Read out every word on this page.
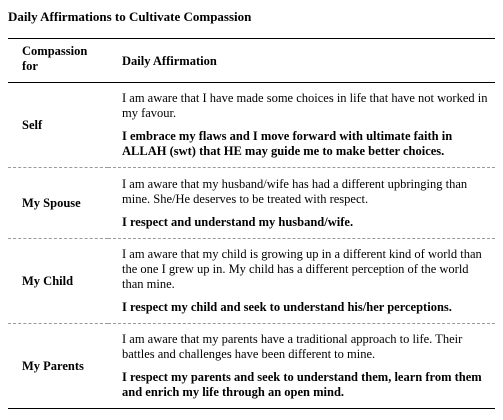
Daily Affirmations to Cultivate Compassion
Compassion for	Daily Affirmation
Self	I am aware that I have made some choices in life that have not worked in my favour.

I embrace my flaws and I move forward with ultimate faith in ALLAH (swt) that HE may guide me to make better choices.

My Spouse	I am aware that my husband/wife has had a different upbringing than mine. She/He deserves to be treated with respect.

I respect and understand my husband/wife.

My Child	I am aware that my child is growing up in a different kind of world than the one I grew up in. My child has a different perception of the world than mine.

I respect my child and seek to understand his/her perceptions.

My Parents	I am aware that my parents have a traditional approach to life. Their battles and challenges have been different to mine.

I respect my parents and seek to understand them, learn from them and enrich my life through an open mind.
